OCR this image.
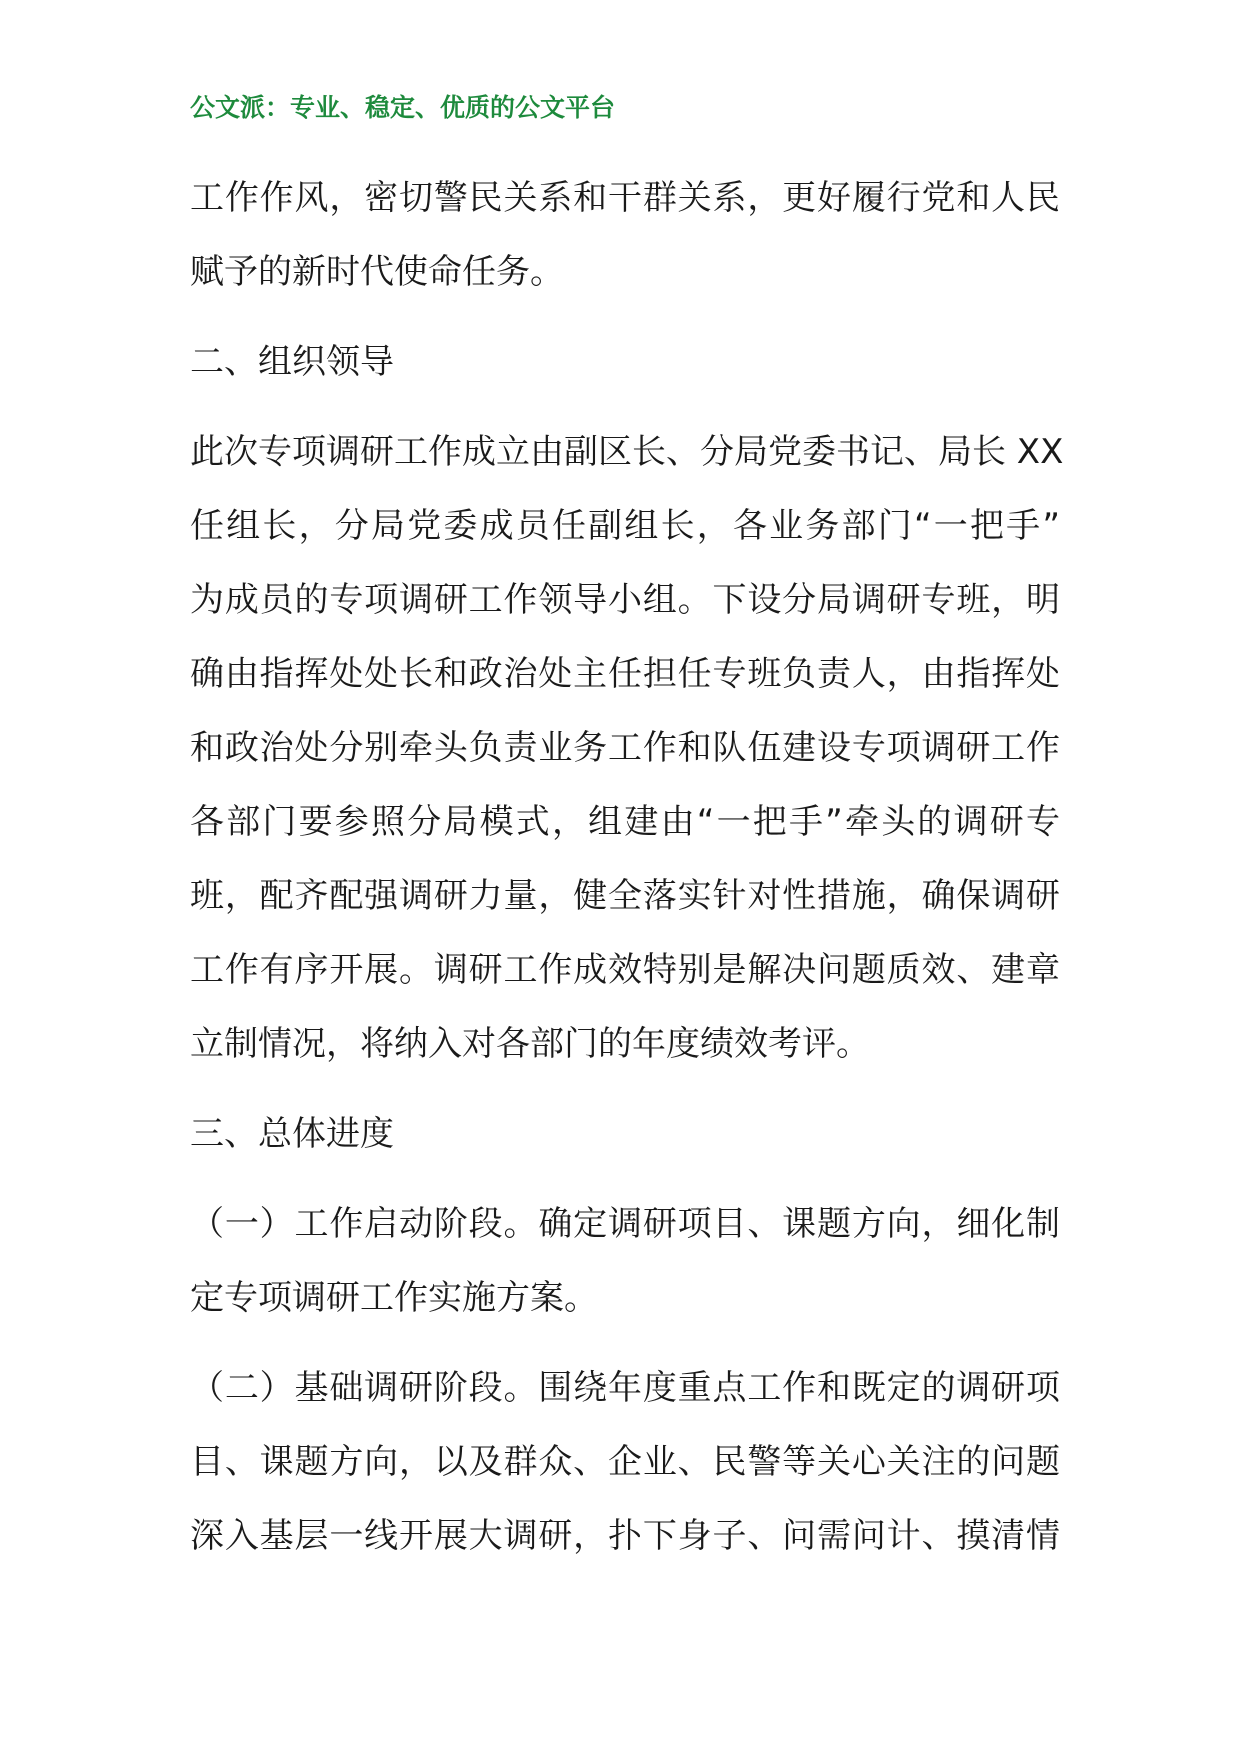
公文派：专业、稳定、优质的公文平台
工作作风，密切警民关系和干群关系，更好履行党和人民
赋予的新时代使命任务。
二、组织领导
此次专项调研工作成立由副区长、分局党委书记、局长 XX
任组长，分局党委成员任副组长，各业务部门“一把手”
为成员的专项调研工作领导小组。下设分局调研专班，明
确由指挥处处长和政治处主任担任专班负责人，由指挥处
和政治处分别牵头负责业务工作和队伍建设专项调研工作
各部门要参照分局模式，组建由“一把手”牵头的调研专
班，配齐配强调研力量，健全落实针对性措施，确保调研
工作有序开展。调研工作成效特别是解决问题质效、建章
立制情况，将纳入对各部门的年度绩效考评。
三、总体进度
（一）工作启动阶段。确定调研项目、课题方向，细化制
定专项调研工作实施方案。
（二）基础调研阶段。围绕年度重点工作和既定的调研项
目、课题方向，以及群众、企业、民警等关心关注的问题
深入基层一线开展大调研，扑下身子、问需问计、摸清情
